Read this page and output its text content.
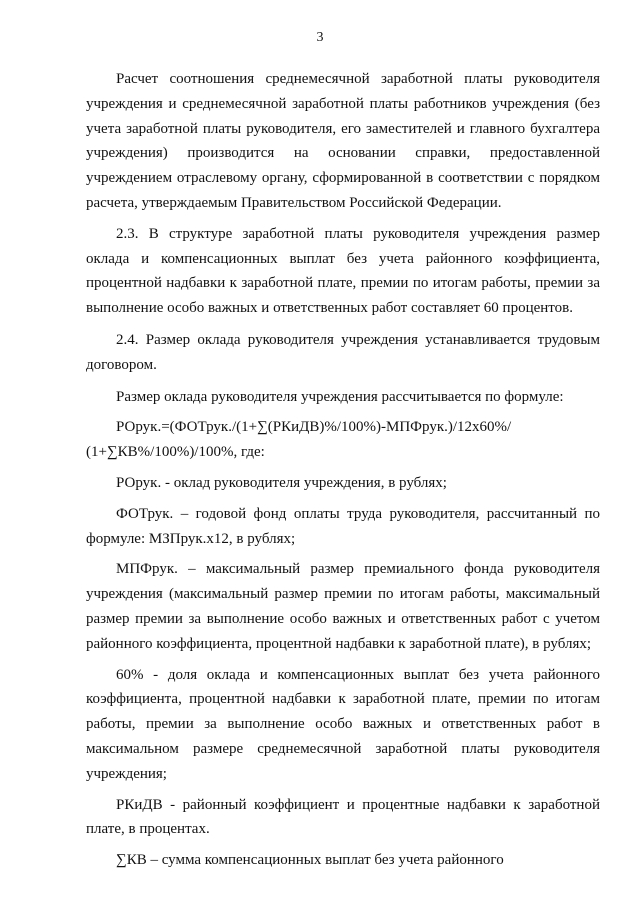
3

Расчет соотношения среднемесячной заработной платы руководителя учреждения и среднемесячной заработной платы работников учреждения (без учета заработной платы руководителя, его заместителей и главного бухгалтера учреждения) производится на основании справки, предоставленной учреждением отраслевому органу, сформированной в соответствии с порядком расчета, утверждаемым Правительством Российской Федерации.

2.3. В структуре заработной платы руководителя учреждения размер оклада и компенсационных выплат без учета районного коэффициента, процентной надбавки к заработной плате, премии по итогам работы, премии за выполнение особо важных и ответственных работ составляет 60 процентов.

2.4. Размер оклада руководителя учреждения устанавливается трудовым договором.

Размер оклада руководителя учреждения рассчитывается по формуле:

РОрук.=(ФОТрук./(1+∑(РКиДВ)%/100%)-МПФрук.)/12х60%/ (1+∑КВ%/100%)/100%, где:

РОрук. - оклад руководителя учреждения, в рублях;

ФОТрук. – годовой фонд оплаты труда руководителя, рассчитанный по формуле: МЗПрук.х12, в рублях;

МПФрук. – максимальный размер премиального фонда руководителя учреждения (максимальный размер премии по итогам работы, максимальный размер премии за выполнение особо важных и ответственных работ с учетом районного коэффициента, процентной надбавки к заработной плате), в рублях;

60% - доля оклада и компенсационных выплат без учета районного коэффициента, процентной надбавки к заработной плате, премии по итогам работы, премии за выполнение особо важных и ответственных работ в максимальном размере среднемесячной заработной платы руководителя учреждения;

РКиДВ - районный коэффициент и процентные надбавки к заработной плате, в процентах.

∑КВ – сумма компенсационных выплат без учета районного
